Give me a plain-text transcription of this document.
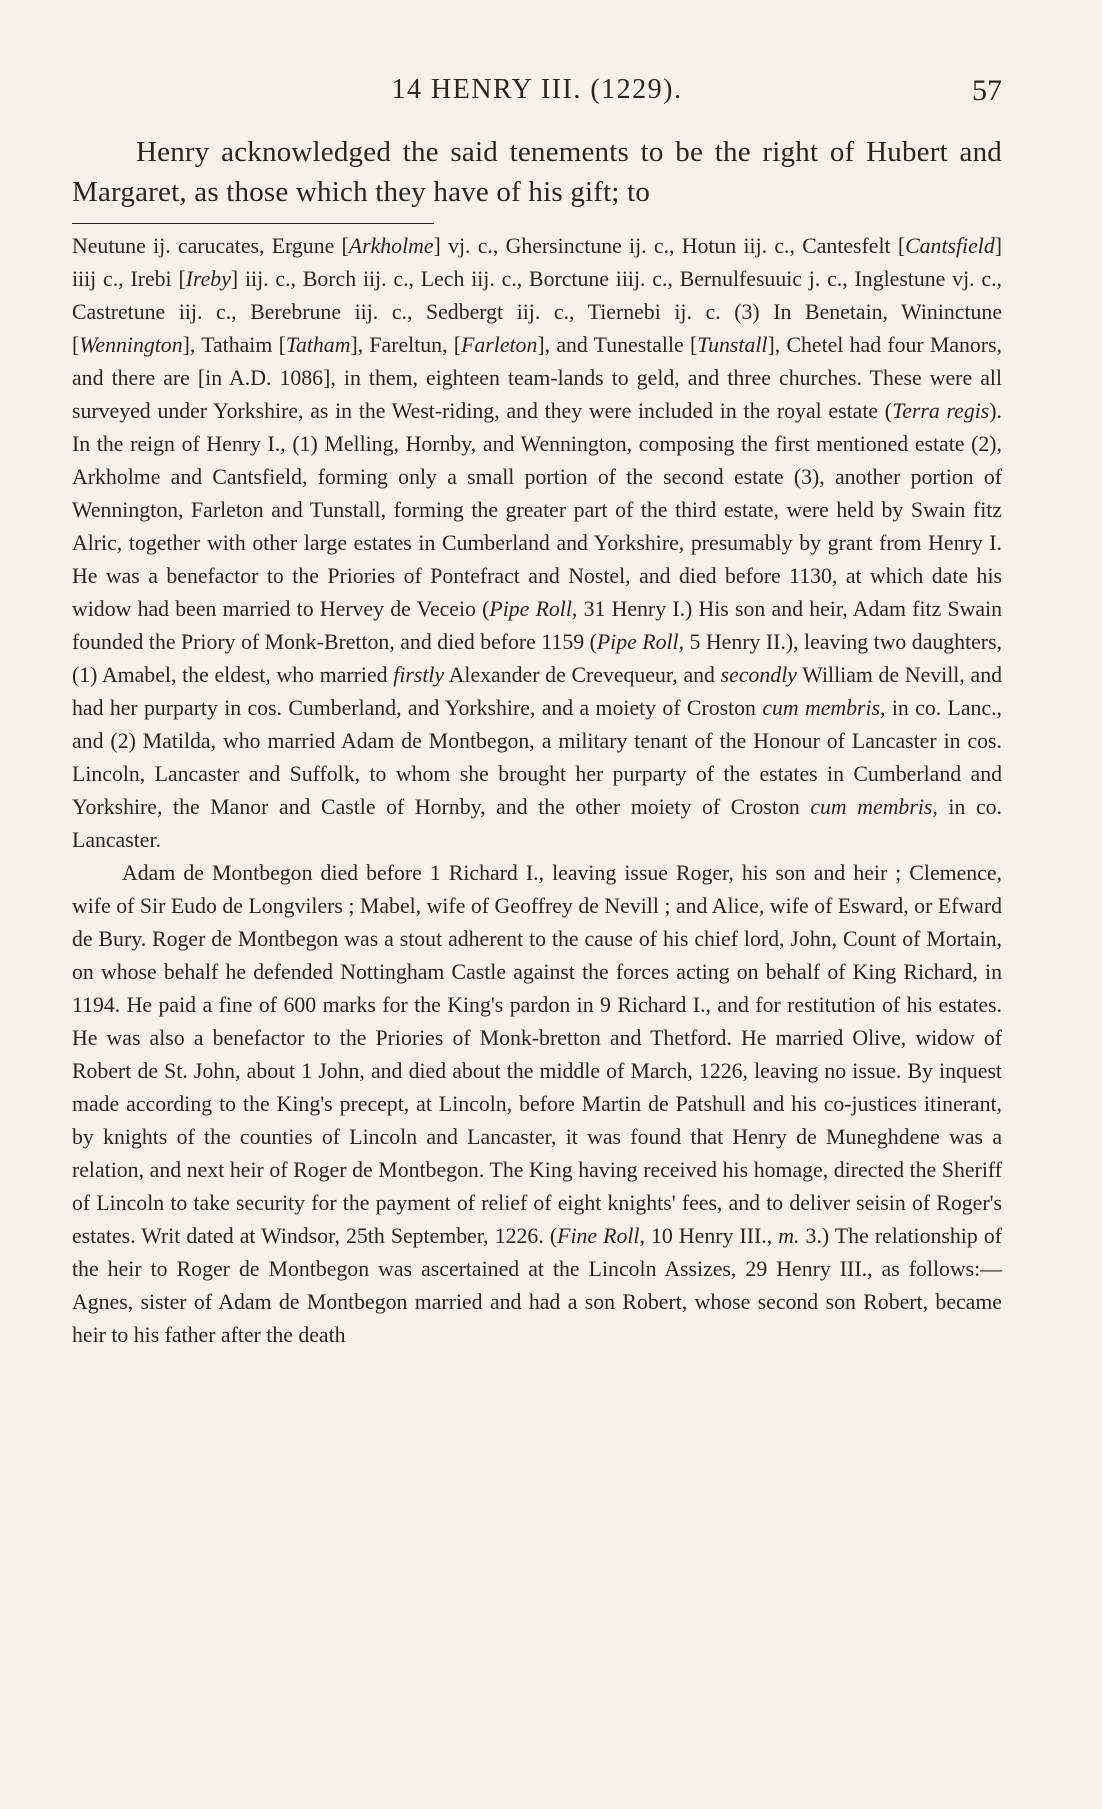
14 HENRY III. (1229).	57
Henry acknowledged the said tenements to be the right of Hubert and Margaret, as those which they have of his gift; to

Neutune ij. carucates, Ergune [Arkholme] vj. c., Ghersinctune ij. c., Hotun iij. c., Cantesfelt [Cantsfield] iiij c., Irebi [Ireby] iij. c., Borch iij. c., Lech iij. c., Borctune iiij. c., Bernulfesuuic j. c., Inglestune vj. c., Castretune iij. c., Berebrune iij. c., Sedbergt iij. c., Tiernebi ij. c. (3) In Benetain, Wininctune [Wennington], Tathaim [Tatham], Fareltun, [Farleton], and Tunestalle [Tunstall], Chetel had four Manors, and there are [in A.D. 1086], in them, eighteen team-lands to geld, and three churches. These were all surveyed under Yorkshire, as in the West-riding, and they were included in the royal estate (Terra regis). In the reign of Henry I., (1) Melling, Hornby, and Wennington, composing the first mentioned estate (2), Arkholme and Cantsfield, forming only a small portion of the second estate (3), another portion of Wennington, Farleton and Tunstall, forming the greater part of the third estate, were held by Swain fitz Alric, together with other large estates in Cumberland and Yorkshire, presumably by grant from Henry I. He was a benefactor to the Priories of Pontefract and Nostel, and died before 1130, at which date his widow had been married to Hervey de Veceio (Pipe Roll, 31 Henry I.) His son and heir, Adam fitz Swain founded the Priory of Monk-Bretton, and died before 1159 (Pipe Roll, 5 Henry II.), leaving two daughters, (1) Amabel, the eldest, who married firstly Alexander de Crevequeur, and secondly William de Nevill, and had her purparty in cos. Cumberland, and Yorkshire, and a moiety of Croston cum membris, in co. Lanc., and (2) Matilda, who married Adam de Montbegon, a military tenant of the Honour of Lancaster in cos. Lincoln, Lancaster and Suffolk, to whom she brought her purparty of the estates in Cumberland and Yorkshire, the Manor and Castle of Hornby, and the other moiety of Croston cum membris, in co. Lancaster.

Adam de Montbegon died before 1 Richard I., leaving issue Roger, his son and heir ; Clemence, wife of Sir Eudo de Longvilers ; Mabel, wife of Geoffrey de Nevill ; and Alice, wife of Esward, or Efward de Bury. Roger de Montbegon was a stout adherent to the cause of his chief lord, John, Count of Mortain, on whose behalf he defended Nottingham Castle against the forces acting on behalf of King Richard, in 1194. He paid a fine of 600 marks for the King's pardon in 9 Richard I., and for restitution of his estates. He was also a benefactor to the Priories of Monk-bretton and Thetford. He married Olive, widow of Robert de St. John, about 1 John, and died about the middle of March, 1226, leaving no issue. By inquest made according to the King's precept, at Lincoln, before Martin de Patshull and his co-justices itinerant, by knights of the counties of Lincoln and Lancaster, it was found that Henry de Muneghdene was a relation, and next heir of Roger de Montbegon. The King having received his homage, directed the Sheriff of Lincoln to take security for the payment of relief of eight knights' fees, and to deliver seisin of Roger's estates. Writ dated at Windsor, 25th September, 1226. (Fine Roll, 10 Henry III., m. 3.) The relationship of the heir to Roger de Montbegon was ascertained at the Lincoln Assizes, 29 Henry III., as follows:—Agnes, sister of Adam de Montbegon married and had a son Robert, whose second son Robert, became heir to his father after the death
